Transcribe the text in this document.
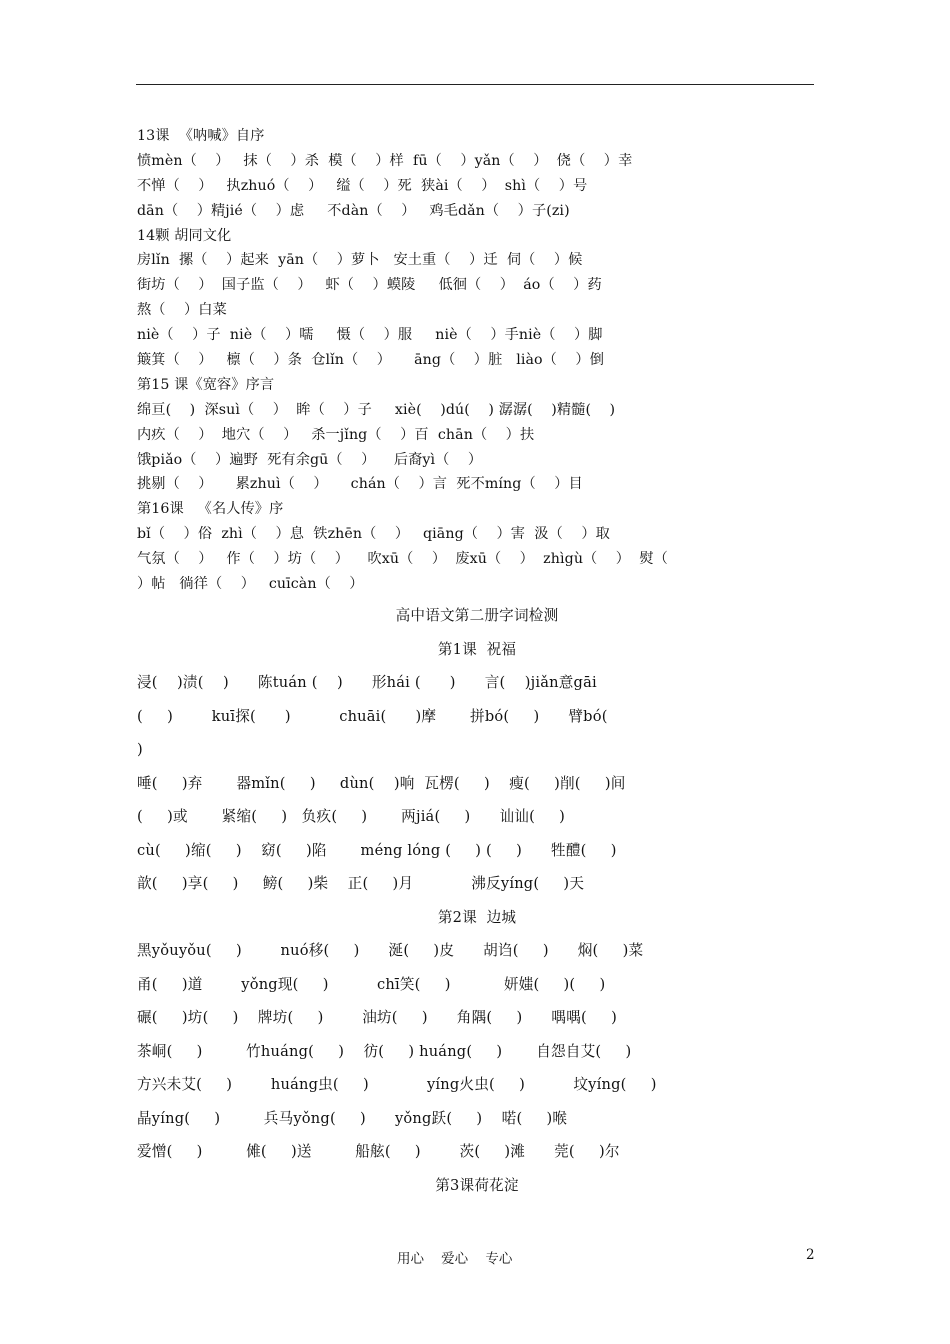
13课  《呐喊》自序
愤mèn（    ）   抹（    ）杀  模（    ）样  fū（    ）yǎn（    ）  侥（    ）幸
不惮（    ）   执zhuó（    ）   缢（    ）死  狭ài（    ）  shì（    ）号
dān（    ）精jié（    ）虑     不dàn（    ）   鸡毛dǎn（    ）子(zi)
14颗 胡同文化
房lǐn  摞（    ）起来  yān（    ）萝卜   安土重（    ）迁  伺（    ）候
街坊（    ）  国子监（    ）   虾（    ）蟆陵     低徊（    ）  áo（    ）药
熬（    ）白菜
niè（    ）子  niè（    ）嚅     慑（    ）服     niè（    ）手niè（    ）脚
簸箕（    ）   檩（    ）条  仓lǐn（    ）     āng（    ）脏   liào（    ）倒
第15 课《宽容》序言
绵亘(    )  深suì（    ）  眸（    ）子     xiè(    )dú(    ) 潺潺(    )精髓(    )
内疚（    ）  地穴（    ）   杀一jǐng（    ）百  chān（    ）扶
饿piǎo（    ）遍野  死有余gū（    ）    后裔yì（    ）
挑剔（    ）     累zhuì（    ）     chán（    ）言  死不míng（    ）目
第16课   《名人传》序
bǐ（    ）俗  zhì（    ）息  铁zhēn（    ）   qiāng（    ）害  汲（    ）取
气氛（    ）   作（    ）坊（    ）    吹xū（    ）  废xū（    ）  zhìgù（    ）  熨（
）帖   徜徉（    ）   cuīcàn（    ）
高中语文第二册字词检测
第1课  祝福
浸(    )渍(    )      陈tuán (    )      形hái (      )      言(    )jiǎn意gāi
(     )        kuī探(      )          chuāi(      )摩       拼bó(     )      臂bó(
)
唾(     )弃       器mǐn(     )     dùn(    )响  瓦楞(     )    瘦(     )削(     )间
(     )或       紧缩(     )   负疚(     )       两jiá(     )      讪讪(     )
cù(     )缩(     )    窈(     )陷       méng lóng (     ) (     )      牲醴(     )
歆(     )享(     )     鳑(     )柴    正(     )月            沸反yíng(     )天
第2课  边城
黑yǒuyǒu(     )        nuó移(     )      涎(     )皮      胡诌(     )      焖(     )菜
甬(     )道        yǒng现(     )          chī笑(     )           妍媸(     )(     )
碾(     )坊(     )    牌坊(     )        油坊(     )      角隅(     )      喁喁(     )
茶峒(     )         竹huáng(     )    彷(     ) huáng(     )       自怨自艾(     )
方兴未艾(     )        huáng虫(     )            yíng火虫(     )          坟yíng(     )
晶yíng(     )         兵马yǒng(     )      yǒng跃(     )    喏(     )喉
爱憎(     )         傩(     )送         船舷(     )        茨(     )滩      莞(     )尔
第3课荷花淀
用心    爱心    专心	2
